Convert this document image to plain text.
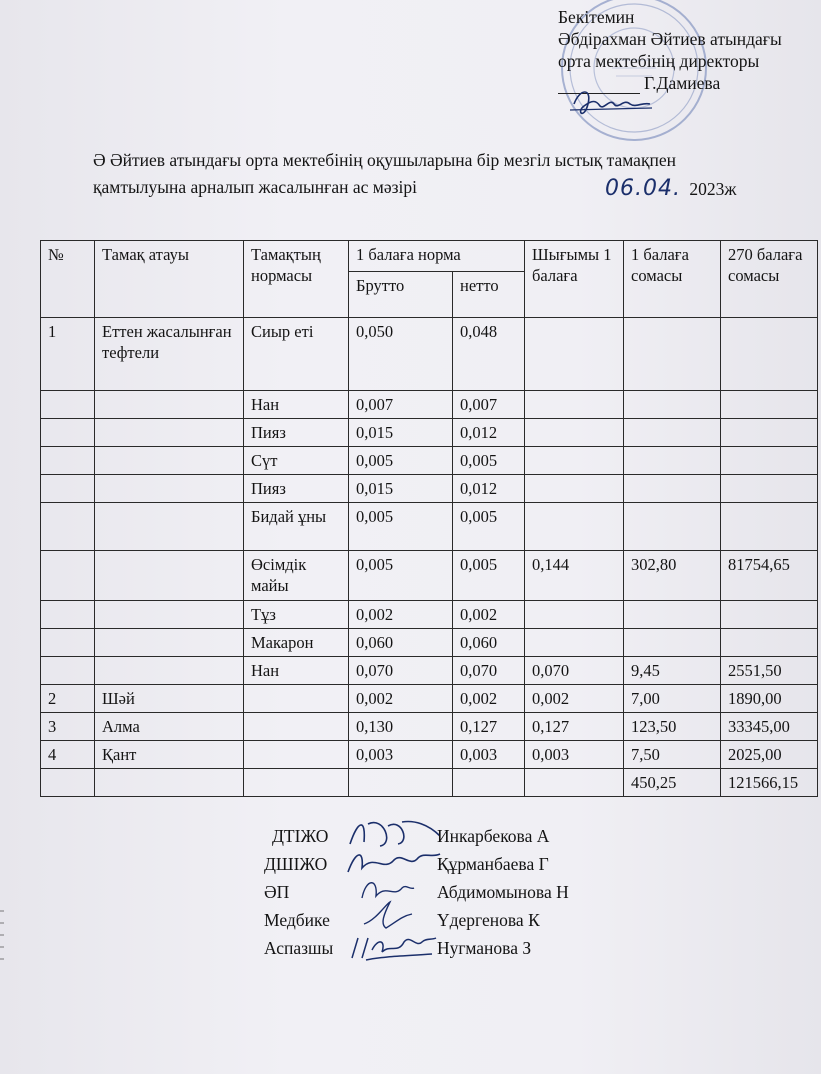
Бекітемин
Әбдірахман Әйтиев атындағы
орта мектебінің директоры
Г.Дамиева
Ә Әйтиев атындағы орта мектебінің оқушыларына бір мезгіл ыстық тамақпен
қамтылуына арналып жасалынған ас мәзірі	06.04. 2023ж
№	Тамақ атауы	Тамақтың нормасы	1 балаға норма		Шығымы 1 балаға	1 балаға сомасы	270 балаға сомасы
			Брутто	нетто			
1	Еттен жасалынған тефтели	Сиыр еті	0,050	0,048			
		Нан	0,007	0,007			
		Пияз	0,015	0,012			
		Сүт	0,005	0,005			
		Пияз	0,015	0,012			
		Бидай ұны	0,005	0,005			
		Өсімдік майы	0,005	0,005	0,144	302,80	81754,65
		Тұз	0,002	0,002			
		Макарон	0,060	0,060			
		Нан	0,070	0,070	0,070	9,45	2551,50
2	Шәй		0,002	0,002	0,002	7,00	1890,00
3	Алма		0,130	0,127	0,127	123,50	33345,00
4	Қант		0,003	0,003	0,003	7,50	2025,00
						450,25	121566,15
ДТІЖО	Инкарбекова А
ДШІЖО	Құрманбаева Г
ӘП	Абдимомынова Н
Медбике	Үдергенова К
Аспазшы	Нугманова З
